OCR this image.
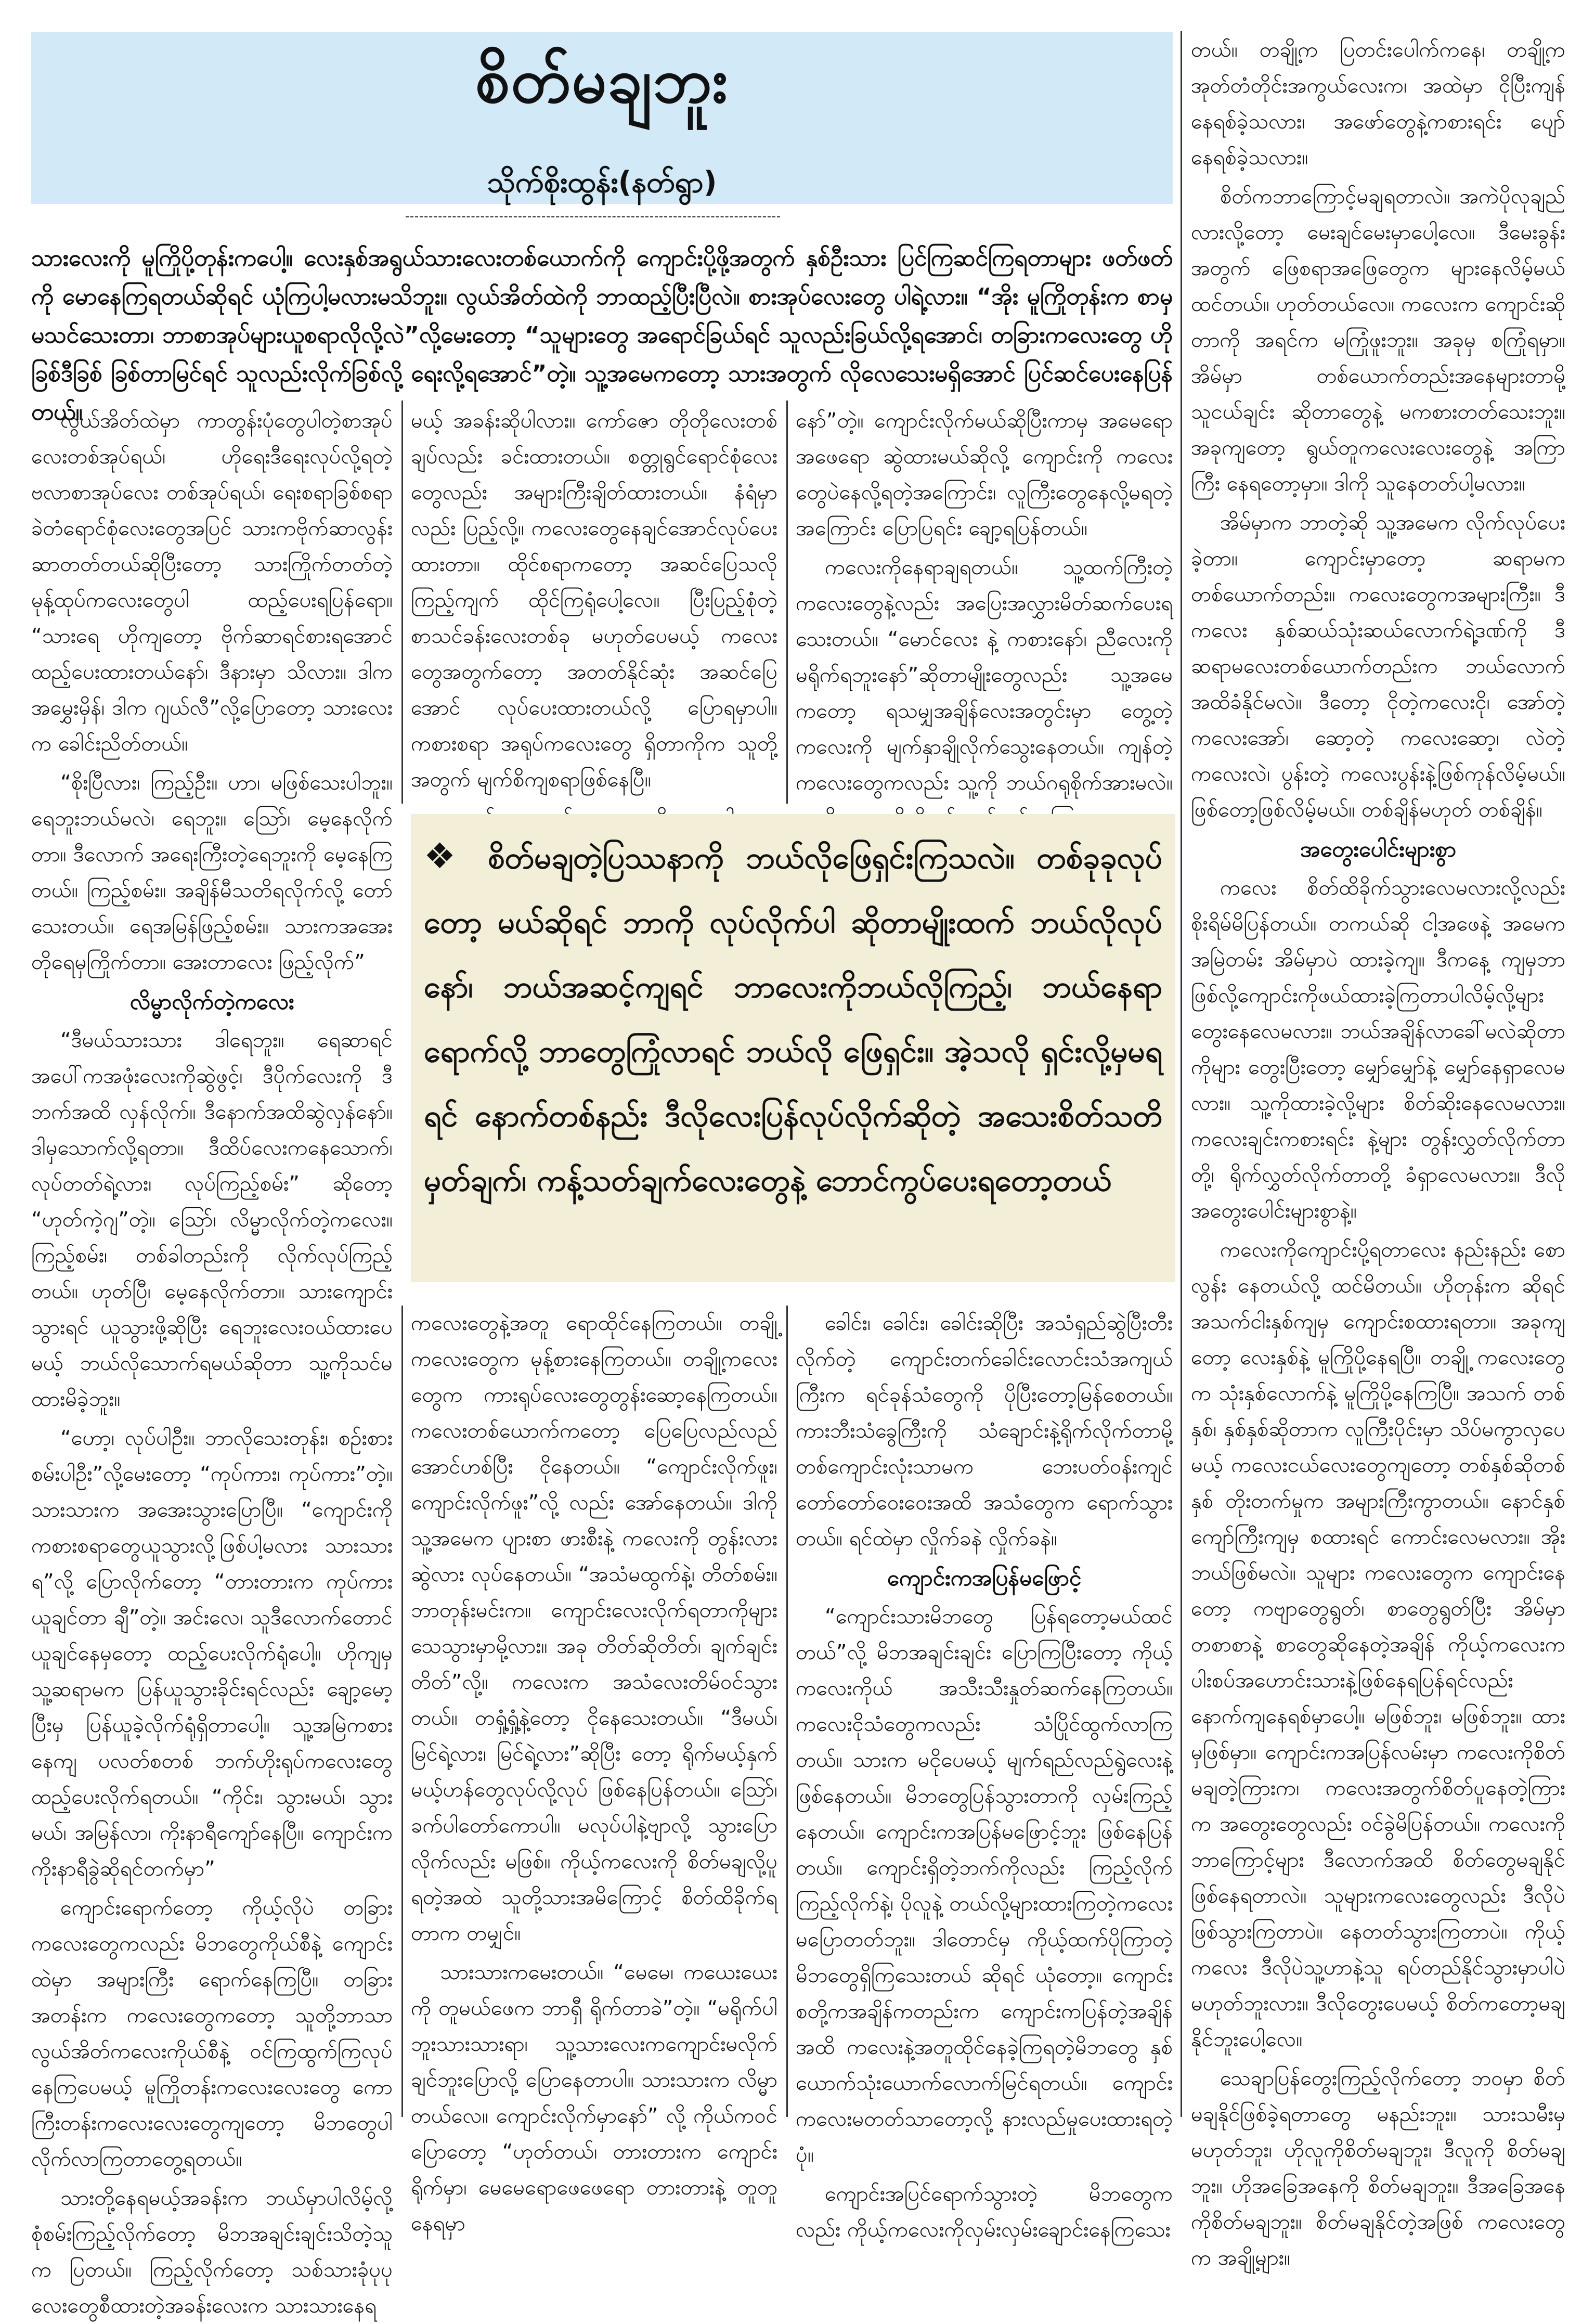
စိတ်မချဘူး
သိုက်စိုးထွန်း(နတ်ရွာ)
သားလေးကို မူကြိုပို့တုန်းကပေါ့။ လေးနှစ်အရွယ်သားလေးတစ်ယောက်ကို ကျောင်းပို့ဖို့အတွက် နှစ်ဦးသား ပြင်ကြဆင်ကြရတာများ ဖတ်ဖတ်ကို မောနေကြရတယ်ဆိုရင် ယုံကြပါ့မလားမသိဘူး။ လွယ်အိတ်ထဲကို ဘာထည့်ပြီးပြီလဲ။ စားအုပ်လေးတွေ ပါရဲ့လား။ “အိုး မူကြိုတုန်းက စာမှမသင်သေးတာ၊ ဘာစာအုပ်များယူစရာလိုလို့လဲ”လို့မေးတော့ “သူများတွေ အရောင်ခြယ်ရင် သူလည်းခြယ်လို့ရအောင်၊ တခြားကလေးတွေ ဟိုခြစ်ဒီခြစ် ခြစ်တာမြင်ရင် သူလည်းလိုက်ခြစ်လို့ ရေးလို့ရအောင်”တဲ့။ သူ့အမေကတော့ သားအတွက် လိုလေသေးမရှိအောင် ပြင်ဆင်ပေးနေပြန်တယ်။

လွယ်အိတ်ထဲမှာ ကာတွန်းပုံတွေပါတဲ့စာအုပ်လေးတစ်အုပ်ရယ်၊ ဟိုရေးဒီရေးလုပ်လို့ရတဲ့ ဗလာစာအုပ်လေး တစ်အုပ်ရယ်၊ ရေးစရာခြစ်စရာ ခဲတံရောင်စုံလေးတွေအပြင် သားကဗိုက်ဆာလွန်းဆာတတ်တယ်ဆိုပြီးတော့ သားကြိုက်တတ်တဲ့ မုန့်ထုပ်ကလေးတွေပါ ထည့်ပေးရပြန်ရော။ “သားရေ ဟိုကျတော့ ဗိုက်ဆာရင်စားရအောင် ထည့်ပေးထားတယ်နော်၊ ဒီနားမှာ သိလား။ ဒါကအမွှေးမှိန်၊ ဒါက ဂျယ်လီ”လို့ပြောတော့ သားလေးက ခေါင်းညိတ်တယ်။

“စိုးပြီလား၊ ကြည့်ဦး။ ဟာ၊ မဖြစ်သေးပါဘူး။ ရေဘူးဘယ်မလဲ၊ ရေဘူး။ သြော်၊ မေ့နေလိုက်တာ။ ဒီလောက် အရေးကြီးတဲ့ရေဘူးကို မေ့နေကြတယ်။ ကြည့်စမ်း။ အချိန်မီသတိရလိုက်လို့ တော်သေးတယ်။ ရေအမြန်ဖြည့်စမ်း။ သားကအအေးတိုရေမှကြိုက်တာ။ အေးတာလေး ဖြည့်လိုက်”

လိမ္မာလိုက်တဲ့ကလေး

“ဒီမယ်သားသား ဒါရေဘူး။ ရေဆာရင် အပေါ်ကအဖုံးလေးကိုဆွဲဖွင့်၊ ဒီပိုက်လေးကို ဒီဘက်အထိ လှန်လိုက်။ ဒီနောက်အထိဆွဲလှန်နော်။ ဒါမှသောက်လို့ရတာ။ ဒီထိပ်လေးကနေသောက်၊ လုပ်တတ်ရဲ့လား၊ လုပ်ကြည့်စမ်း” ဆိုတော့ “ဟုတ်ကဲ့ဂျ”တဲ့။ သြော်၊ လိမ္မာလိုက်တဲ့ကလေး။ ကြည့်စမ်း၊ တစ်ခါတည်းကို လိုက်လုပ်ကြည့်တယ်။ ဟုတ်ပြီ၊ မေ့နေလိုက်တာ။ သားကျောင်းသွားရင် ယူသွားဖို့ဆိုပြီး ရေဘူးလေးဝယ်ထားပေမယ့် ဘယ်လိုသောက်ရမယ်ဆိုတာ သူ့ကိုသင်မထားမိခဲ့ဘူး။

“ဟော့၊ လုပ်ပါဦး။ ဘာလိုသေးတုန်း၊ စဉ်းစားစမ်းပါဦး”လို့မေးတော့ “ကုပ်ကား၊ ကုပ်ကား”တဲ့။ သားသားက အအေးသွားပြောပြီ။ “ကျောင်းကို ကစားစရာတွေယူသွားလို့ဖြစ်ပါ့မလား သားသားရ”လို့ ပြောလိုက်တော့ “တားတားက ကုပ်ကားယူချင်တာ ချီ”တဲ့။ အင်းလေ၊ သူဒီလောက်တောင်ယူချင်နေမှတော့ ထည့်ပေးလိုက်ရုံပေါ့။ ဟိုကျမှ သူ့ဆရာမက ပြန်ယူသွားခိုင်းရင်လည်း ချော့မော့ပြီးမှ ပြန်ယူခဲ့လိုက်ရုံရှိတာပေါ့။ သူ့အမြဲကစားနေကျ ပလတ်စတစ် ဘက်ဟိုးရုပ်ကလေးတွေ ထည့်ပေးလိုက်ရတယ်။ “ကိုင်း၊ သွားမယ်၊ သွားမယ်၊ အမြန်လာ၊ ကိုးနာရီကျော်နေပြီ။ ကျောင်းက ကိုးနာရီခွဲဆိုရင်တက်မှာ”

ကျောင်းရောက်တော့ ကိုယ့်လိုပဲ တခြားကလေးတွေကလည်း မိဘတွေကိုယ်စီနဲ့ ကျောင်းထဲမှာ အများကြီး ရောက်နေကြပြီ။ တခြားအတန်းက ကလေးတွေကတော့ သူတို့ဘာသာ လွယ်အိတ်ကလေးကိုယ်စီနဲ့ ဝင်ကြထွက်ကြလုပ်နေကြပေမယ့် မူကြိုတန်းကလေးလေးတွေ ကောကြီးတန်းကလေးလေးတွေကျတော့ မိဘတွေပါ လိုက်လာကြတာတွေ့ရတယ်။

သားတို့နေရမယ့်အခန်းက ဘယ်မှာပါလိမ့်လို့ စုံစမ်းကြည့်လိုက်တော့ မိဘအချင်းချင်းသိတဲ့သူက ပြတယ်။ ကြည့်လိုက်တော့ သစ်သားခုံပုပုလေးတွေစီထားတဲ့အခန်းလေးက သားသားနေရ

မယ့် အခန်းဆိုပါလား။ ကော်ဇော တိုတိုလေးတစ်ချပ်လည်း ခင်းထားတယ်။ စတ္တုရွင်ရောင်စုံလေးတွေလည်း အများကြီးချိတ်ထားတယ်။ နံရံမှာလည်း ပြည့်လို့။ ကလေးတွေနေချင်အောင်လုပ်ပေးထားတာ။ ထိုင်စရာကတော့ အဆင်ပြေသလိုကြည့်ကျက် ထိုင်ကြရုံပေါ့လေ။ ပြီးပြည့်စုံတဲ့ စာသင်ခန်းလေးတစ်ခု မဟုတ်ပေမယ့် ကလေးတွေအတွက်တော့ အတတ်နိုင်ဆုံး အဆင်ပြေအောင် လုပ်ပေးထားတယ်လို့ ပြောရမှာပါ။ ကစားစရာ အရုပ်ကလေးတွေ ရှိတာကိုက သူတို့အတွက် မျက်စိကျစရာဖြစ်နေပြီ။

နော်”တဲ့။ ကျောင်းလိုက်မယ်ဆိုပြီးကာမှ အမေရောအဖေရော ဆွဲထားမယ်ဆိုလို့ ကျောင်းကို ကလေးတွေပဲနေလို့ရတဲ့အကြောင်း၊ လူကြီးတွေနေလို့မရတဲ့အကြောင်း ပြောပြရင်း ချော့ရပြန်တယ်။

ကလေးကိုနေရာချရတယ်။ သူ့ထက်ကြီးတဲ့ ကလေးတွေနဲ့လည်း အပြေးအလွှားမိတ်ဆက်ပေးရသေးတယ်။ “မောင်လေး နဲ့ ကစားနော်၊ ညီလေးကိုမရိုက်ရဘူးနော်”ဆိုတာမျိုးတွေလည်း သူ့အမေကတော့ ရသမျှအချိန်လေးအတွင်းမှာ တွေ့တဲ့ ကလေးကို မျက်နှာချိုလိုက်သွေးနေတယ်။ ကျန်တဲ့ကလေးတွေကလည်း သူ့ကို ဘယ်ဂရုစိုက်အားမလဲ။

❖ စိတ်မချတဲ့ပြဿနာကို ဘယ်လိုဖြေရှင်းကြသလဲ။ တစ်ခုခုလုပ်တော့ မယ်ဆိုရင် ဘာကို လုပ်လိုက်ပါ ဆိုတာမျိုးထက် ဘယ်လိုလုပ်နော်၊ ဘယ်အဆင့်ကျရင် ဘာလေးကိုဘယ်လိုကြည့်၊ ဘယ်နေရာရောက်လို့ ဘာတွေကြုံလာရင် ဘယ်လို ဖြေရှင်း။ အဲ့သလို ရှင်းလို့မှမရရင် နောက်တစ်နည်း ဒီလိုလေးပြန်လုပ်လိုက်ဆိုတဲ့ အသေးစိတ်သတိမှတ်ချက်၊ ကန့်သတ်ချက်လေးတွေနဲ့ ဘောင်ကွပ်ပေးရတော့တယ်

ကလေးတွေနဲ့အတူ ရောထိုင်နေကြတယ်။ တချို့ကလေးတွေက မုန့်စားနေကြတယ်။ တချို့ကလေးတွေက ကားရုပ်လေးတွေတွန်းဆော့နေကြတယ်။ ကလေးတစ်ယောက်ကတော့ ပြေပြေလည်လည်အောင်ဟစ်ပြီး ငိုနေတယ်။ “ကျောင်းလိုက်ဖူး၊ ကျောင်းလိုက်ဖူး”လို့ လည်း အော်နေတယ်။ ဒါကို သူ့အမေက ပျားစာ ဖားစီးနဲ့ ကလေးကို တွန်းလားဆွဲလား လုပ်နေတယ်။ “အသံမထွက်နဲ့၊ တိတ်စမ်း။ ဘာတုန်းမင်းက။ ကျောင်းလေးလိုက်ရတာကိုများ သေသွားမှာမို့လား။ အခု တိတ်ဆိုတိတ်၊ ချက်ချင်းတိတ်”လို့။ ကလေးက အသံလေးတိမ်ဝင်သွားတယ်။ တရှုံ့ရှုံ့နဲ့တော့ ငိုနေသေးတယ်။ “ဒီမယ်၊ မြင်ရဲ့လား၊ မြင်ရဲ့လား”ဆိုပြီး တော့ ရိုက်မယ့်နှက်မယ့်ဟန်တွေလုပ်လို့လုပ် ဖြစ်နေပြန်တယ်။ သြော်၊ ခက်ပါတော်ကောပါ။ မလုပ်ပါနဲ့ဗျာလို့ သွားပြောလိုက်လည်း မဖြစ်။ ကိုယ့်ကလေးကို စိတ်မချလို့ပူရတဲ့အထဲ သူတို့သားအမိကြောင့် စိတ်ထိခိုက်ရတာက တမျှင်။

သားသားကမေးတယ်။ “မေမေ၊ ကယေးယေးကို တူမယ်ဖေက ဘာရှီ ရိုက်တာခဲ”တဲ့။ “မရိုက်ပါဘူးသားသားရာ၊ သူ့သားလေးကကျောင်းမလိုက်ချင်ဘူးပြောလို့ ပြောနေတာပါ။ သားသားက လိမ္မာတယ်လေ။ ကျောင်းလိုက်မှာနော်” လို့ ကိုယ်ကဝင်ပြောတော့ “ဟုတ်တယ်၊ တားတားက ကျောင်းရိုက်မှာ၊ မေမေရောဖေဖေရော တားတားနဲ့ တူတူနေရမှာ

ခေါင်း၊ ခေါင်း၊ ခေါင်းဆိုပြီး အသံရှည်ဆွဲပြီးတီးလိုက်တဲ့ ကျောင်းတက်ခေါင်းလောင်းသံအကျယ်ကြီးက ရင်ခုန်သံတွေကို ပိုပြီးတော့မြန်စေတယ်။ ကားဘီးသံခွေကြီးကို သံချောင်းနဲ့ရိုက်လိုက်တာမို့ တစ်ကျောင်းလုံးသာမက ဘေးပတ်ဝန်းကျင်တော်တော်ဝေးဝေးအထိ အသံတွေက ရောက်သွားတယ်။ ရင်ထဲမှာ လှိုက်ခနဲ လှိုက်ခနဲ။

ကျောင်းကအပြန်မဖြောင့်

“ကျောင်းသားမိဘတွေ ပြန်ရတော့မယ်ထင်တယ်”လို့ မိဘအချင်းချင်း ပြောကြပြီးတော့ ကိုယ့်ကလေးကိုယ် အသီးသီးနှုတ်ဆက်နေကြတယ်။ ကလေးငိုသံတွေကလည်း သံပြိုင်ထွက်လာကြတယ်။ သားက မငိုပေမယ့် မျက်ရည်လည်ရွဲလေးနဲ့ ဖြစ်နေတယ်။ မိဘတွေပြန်သွားတာကို လှမ်းကြည့်နေတယ်။ ကျောင်းကအပြန်မဖြောင့်ဘူး ဖြစ်နေပြန်တယ်။ ကျောင်းရှိတဲ့ဘက်ကိုလည်း ကြည့်လိုက်ကြည့်လိုက်နဲ့၊ ပိုလူနဲ့ တယ်လို့များထားကြတဲ့ကလေး မပြောတတ်ဘူး။ ဒါတောင်မှ ကိုယ့်ထက်ပိုကြာတဲ့မိဘတွေရှိကြသေးတယ် ဆိုရင် ယုံတော့။ ကျောင်းစတို့ကအချိန်ကတည်းက ကျောင်းကပြန်တဲ့အချိန်အထိ ကလေးနဲ့အတူထိုင်နေခဲ့ကြရတဲ့မိဘတွေ နှစ်ယောက်သုံးယောက်လောက်မြင်ရတယ်။ ကျောင်းကလေးမတတ်သာတော့လို့ နားလည်မှုပေးထားရတဲ့ပုံ။

ကျောင်းအပြင်ရောက်သွားတဲ့ မိဘတွေကလည်း ကိုယ့်ကလေးကိုလှမ်းလှမ်းချောင်းနေကြသေး

တယ်။ တချို့က ပြတင်းပေါက်ကနေ၊ တချို့က အုတ်တံတိုင်းအကွယ်လေးက၊ အထဲမှာ ငိုပြီးကျန်နေရစ်ခဲ့သလား၊ အဖော်တွေနဲ့ကစားရင်း ပျော်နေရစ်ခဲ့သလား။

စိတ်ကဘာကြောင့်မချရတာလဲ။ အကဲပိုလုချည်လားလို့တော့ မေးချင်မေးမှာပေါ့လေ။ ဒီမေးခွန်းအတွက် ဖြေစရာအဖြေတွေက များနေလိမ့်မယ်ထင်တယ်။ ဟုတ်တယ်လေ။ ကလေးက ကျောင်းဆိုတာကို အရင်က မကြုံဖူးဘူး။ အခုမှ စကြုံရမှာ။ အိမ်မှာ တစ်ယောက်တည်းအနေများတာမို့ သူငယ်ချင်း ဆိုတာတွေနဲ့ မကစားတတ်သေးဘူး။ အခုကျတော့ ရွယ်တူကလေးလေးတွေနဲ့ အကြာကြီး နေရတော့မှာ။ ဒါကို သူနေတတ်ပါ့မလား။

အိမ်မှာက ဘာတဲ့ဆို သူ့အမေက လိုက်လုပ်ပေးခဲ့တာ။ ကျောင်းမှာတော့ ဆရာမကတစ်ယောက်တည်း။ ကလေးတွေကအများကြီး။ ဒီကလေး နှစ်ဆယ်သုံးဆယ်လောက်ရဲ့ဒဏ်ကို ဒီဆရာမလေးတစ်ယောက်တည်းက ဘယ်လောက်အထိခံနိုင်မလဲ။ ဒီတော့ ငိုတဲ့ကလေးငို၊ အော်တဲ့ကလေးအော်၊ ဆော့တဲ့ ကလေးဆော့၊ လဲတဲ့ ကလေးလဲ၊ ပွန်းတဲ့ ကလေးပွန်းနဲ့ဖြစ်ကုန်လိမ့်မယ်။ ဖြစ်တော့ဖြစ်လိမ့်မယ်။ တစ်ချိန်မဟုတ် တစ်ချိန်။

အတွေးပေါင်းများစွာ

ကလေး စိတ်ထိခိုက်သွားလေမလားလို့လည်း စိုးရိမ်မိပြန်တယ်။ တကယ်ဆို ငါ့အဖေနဲ့ အမေက အမြဲတမ်း အိမ်မှာပဲ ထားခဲ့ကျ။ ဒီကနေ့ ကျမှဘာဖြစ်လို့ကျောင်းကိုဖယ်ထားခဲ့ကြတာပါလိမ့်လို့များ တွေးနေလေမလား။ ဘယ်အချိန်လာခေါ်မလဲဆိုတာကိုများ တွေးပြီးတော့ မျှော်မျှော်နဲ့ မျှော်နေရှာလေမလား။ သူ့ကိုထားခဲ့လို့များ စိတ်ဆိုးနေလေမလား။ ကလေးချင်းကစားရင်း နဲ့များ တွန်းလွှတ်လိုက်တာတို့၊ ရိုက်လွှတ်လိုက်တာတို့ ခံရှာလေမလား။ ဒီလို အတွေးပေါင်းများစွာနဲ့။

ကလေးကိုကျောင်းပို့ရတာလေး နည်းနည်း စောလွန်း နေတယ်လို့ ထင်မိတယ်။ ဟိုတုန်းက ဆိုရင် အသက်ငါးနှစ်ကျမှ ကျောင်းစထားရတာ။ အခုကျတော့ လေးနှစ်နဲ့ မူကြိုပို့နေရပြီ။ တချို့ ကလေးတွေက သုံးနှစ်လောက်နဲ့ မူကြိုပို့နေကြပြီ။ အသက် တစ်နှစ်၊ နှစ်နှစ်ဆိုတာက လူကြီးပိုင်းမှာ သိပ်မကွာလှပေမယ့် ကလေးငယ်လေးတွေကျတော့ တစ်နှစ်ဆိုတစ်နှစ် တိုးတက်မှုက အများကြီးကွာတယ်။ နောင်နှစ်ကျော်ကြီးကျမှ စထားရင် ကောင်းလေမလား။ အိုး ဘယ်ဖြစ်မလဲ။ သူများ ကလေးတွေက ကျောင်းနေတော့ ကဗျာတွေရွတ်၊ စာတွေရွတ်ပြီး အိမ်မှာတစာစာနဲ့ စာတွေဆိုနေတဲ့အချိန် ကိုယ့်ကလေးက ပါးစပ်အဟောင်းသားနဲ့ဖြစ်နေရပြန်ရင်လည်း နောက်ကျနေရစ်မှာပေါ့။ မဖြစ်ဘူး၊ မဖြစ်ဘူး။ ထားမှဖြစ်မှာ။ ကျောင်းကအပြန်လမ်းမှာ ကလေးကိုစိတ်မချတဲ့ကြားက၊ ကလေးအတွက်စိတ်ပူနေတဲ့ကြားက အတွေးတွေလည်း ဝင်ခွဲမိပြန်တယ်။ ကလေးကို ဘာကြောင့်များ ဒီလောက်အထိ စိတ်တွေမချနိုင်ဖြစ်နေရတာလဲ။ သူများကလေးတွေလည်း ဒီလိုပဲဖြစ်သွားကြတာပဲ။ နေတတ်သွားကြတာပဲ။ ကိုယ့်ကလေး ဒီလိုပဲသူ့ဟာနဲ့သူ ရပ်တည်နိုင်သွားမှာပါပဲ မဟုတ်ဘူးလား။ ဒီလိုတွေးပေမယ့် စိတ်ကတော့မချနိုင်ဘူးပေါ့လေ။

သေချာပြန်တွေးကြည့်လိုက်တော့ ဘဝမှာ စိတ်မချနိုင်ဖြစ်ခဲ့ရတာတွေ မနည်းဘူး။ သားသမီးမှ မဟုတ်ဘူး၊ ဟိုလူကိုစိတ်မချဘူး၊ ဒီလူကို စိတ်မချဘူး။ ဟိုအခြေအနေကို စိတ်မချဘူး။ ဒီအခြေအနေ ကိုစိတ်မချဘူး။ စိတ်မချနိုင်တဲ့အဖြစ် ကလေးတွေက အချို့များ။
